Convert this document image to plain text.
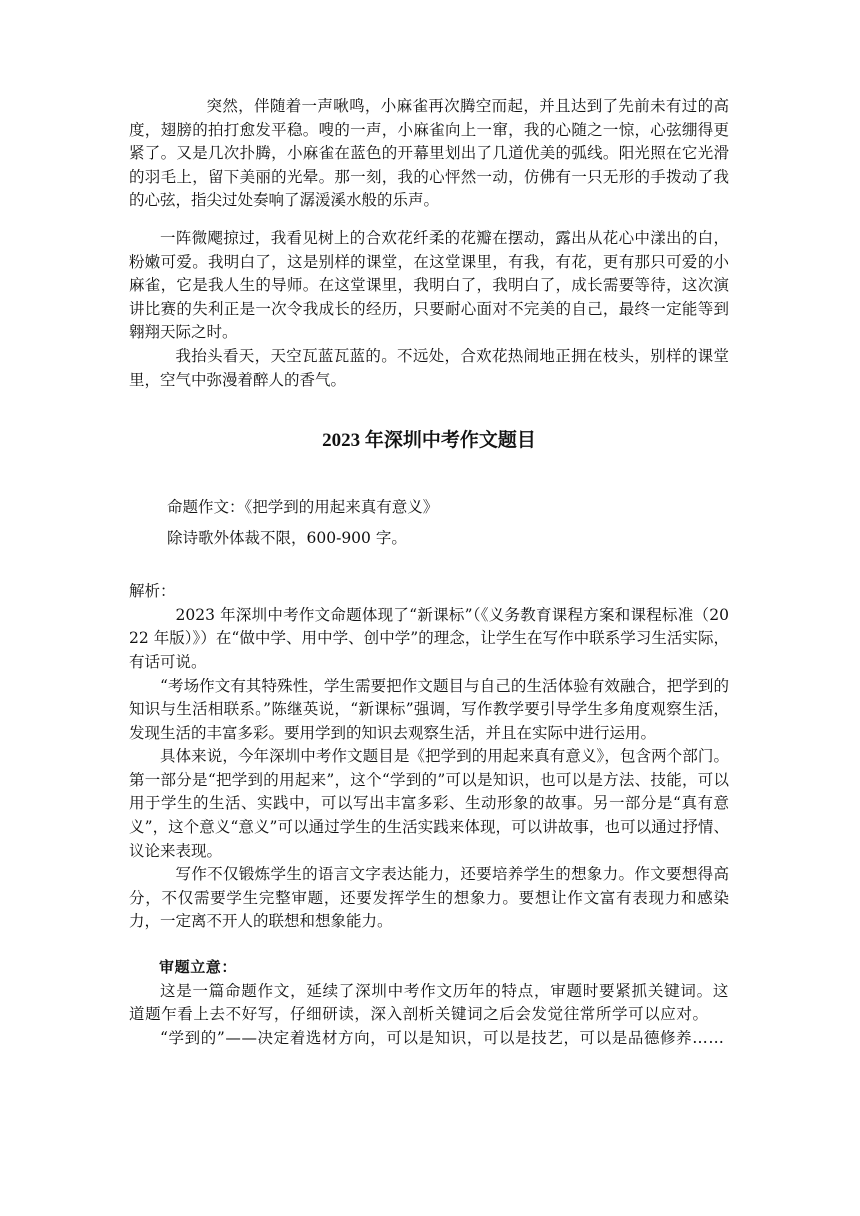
突然，伴随着一声啾鸣，小麻雀再次腾空而起，并且达到了先前未有过的高度，翅膀的拍打愈发平稳。嗖的一声，小麻雀向上一窜，我的心随之一惊，心弦绷得更紧了。又是几次扑腾，小麻雀在蓝色的开幕里划出了几道优美的弧线。阳光照在它光滑的羽毛上，留下美丽的光晕。那一刻，我的心怦然一动，仿佛有一只无形的手拨动了我的心弦，指尖过处奏响了潺湲溪水般的乐声。

一阵微飔掠过，我看见树上的合欢花纤柔的花瓣在摆动，露出从花心中漾出的白，粉嫩可爱。我明白了，这是别样的课堂，在这堂课里，有我，有花，更有那只可爱的小麻雀，它是我人生的导师。在这堂课里，我明白了，我明白了，成长需要等待，这次演讲比赛的失利正是一次令我成长的经历，只要耐心面对不完美的自己，最终一定能等到翱翔天际之时。

我抬头看天，天空瓦蓝瓦蓝的。不远处，合欢花热闹地正拥在枝头，别样的课堂里，空气中弥漫着醉人的香气。

2023 年深圳中考作文题目

命题作文：《把学到的用起来真有意义》

除诗歌外体裁不限，600-900 字。

解析：

2023 年深圳中考作文命题体现了“新课标”（《义务教育课程方案和课程标准（2022 年版）》）在“做中学、用中学、创中学”的理念，让学生在写作中联系学习生活实际，有话可说。

“考场作文有其特殊性，学生需要把作文题目与自己的生活体验有效融合，把学到的知识与生活相联系。”陈继英说，“新课标”强调，写作教学要引导学生多角度观察生活，发现生活的丰富多彩。要用学到的知识去观察生活，并且在实际中进行运用。

具体来说，今年深圳中考作文题目是《把学到的用起来真有意义》，包含两个部门。第一部分是“把学到的用起来”，这个“学到的”可以是知识，也可以是方法、技能，可以用于学生的生活、实践中，可以写出丰富多彩、生动形象的故事。另一部分是“真有意义”，这个意义“意义”可以通过学生的生活实践来体现，可以讲故事，也可以通过抒情、议论来表现。

写作不仅锻炼学生的语言文字表达能力，还要培养学生的想象力。作文要想得高分，不仅需要学生完整审题，还要发挥学生的想象力。要想让作文富有表现力和感染力，一定离不开人的联想和想象能力。

审题立意：

这是一篇命题作文，延续了深圳中考作文历年的特点，审题时要紧抓关键词。这道题乍看上去不好写，仔细研读，深入剖析关键词之后会发觉往常所学可以应对。

“学到的”——决定着选材方向，可以是知识，可以是技艺，可以是品德修养……
